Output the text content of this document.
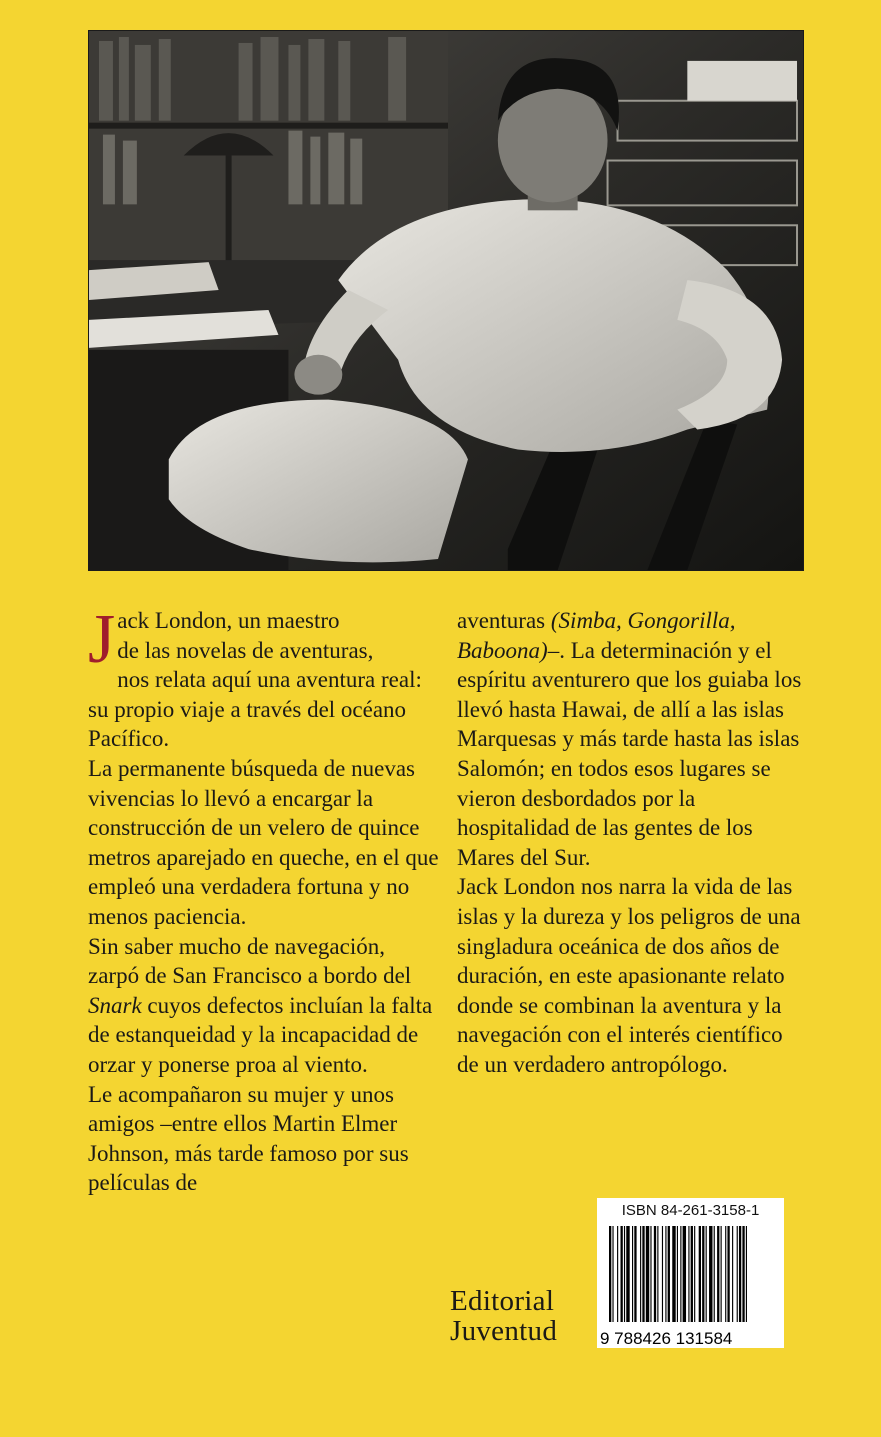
J ack London, un maestro
de las novelas de aventuras,
nos relata aquí una aventura real: su propio viaje a través del océano Pacífico.

La permanente búsqueda de nuevas vivencias lo llevó a encargar la construcción de un velero de quince metros aparejado en queche, en el que empleó una verdadera fortuna y no menos paciencia.

Sin saber mucho de navegación, zarpó de San Francisco a bordo del Snark cuyos defectos incluían la falta de estanqueidad y la incapacidad de orzar y ponerse proa al viento.

Le acompañaron su mujer y unos amigos –entre ellos Martin Elmer Johnson, más tarde famoso por sus películas de

aventuras (Simba, Gongorilla, Baboona)–. La determinación y el espíritu aventurero que los guiaba los llevó hasta Hawai, de allí a las islas Marquesas y más tarde hasta las islas Salomón; en todos esos lugares se vieron desbordados por la hospitalidad de las gentes de los Mares del Sur.

Jack London nos narra la vida de las islas y la dureza y los peligros de una singladura oceánica de dos años de duración, en este apasionante relato donde se combinan la aventura y la navegación con el interés científico de un verdadero antropólogo.

Editorial
Juventud
ISBN 84-261-3158-1
9 788426 131584
